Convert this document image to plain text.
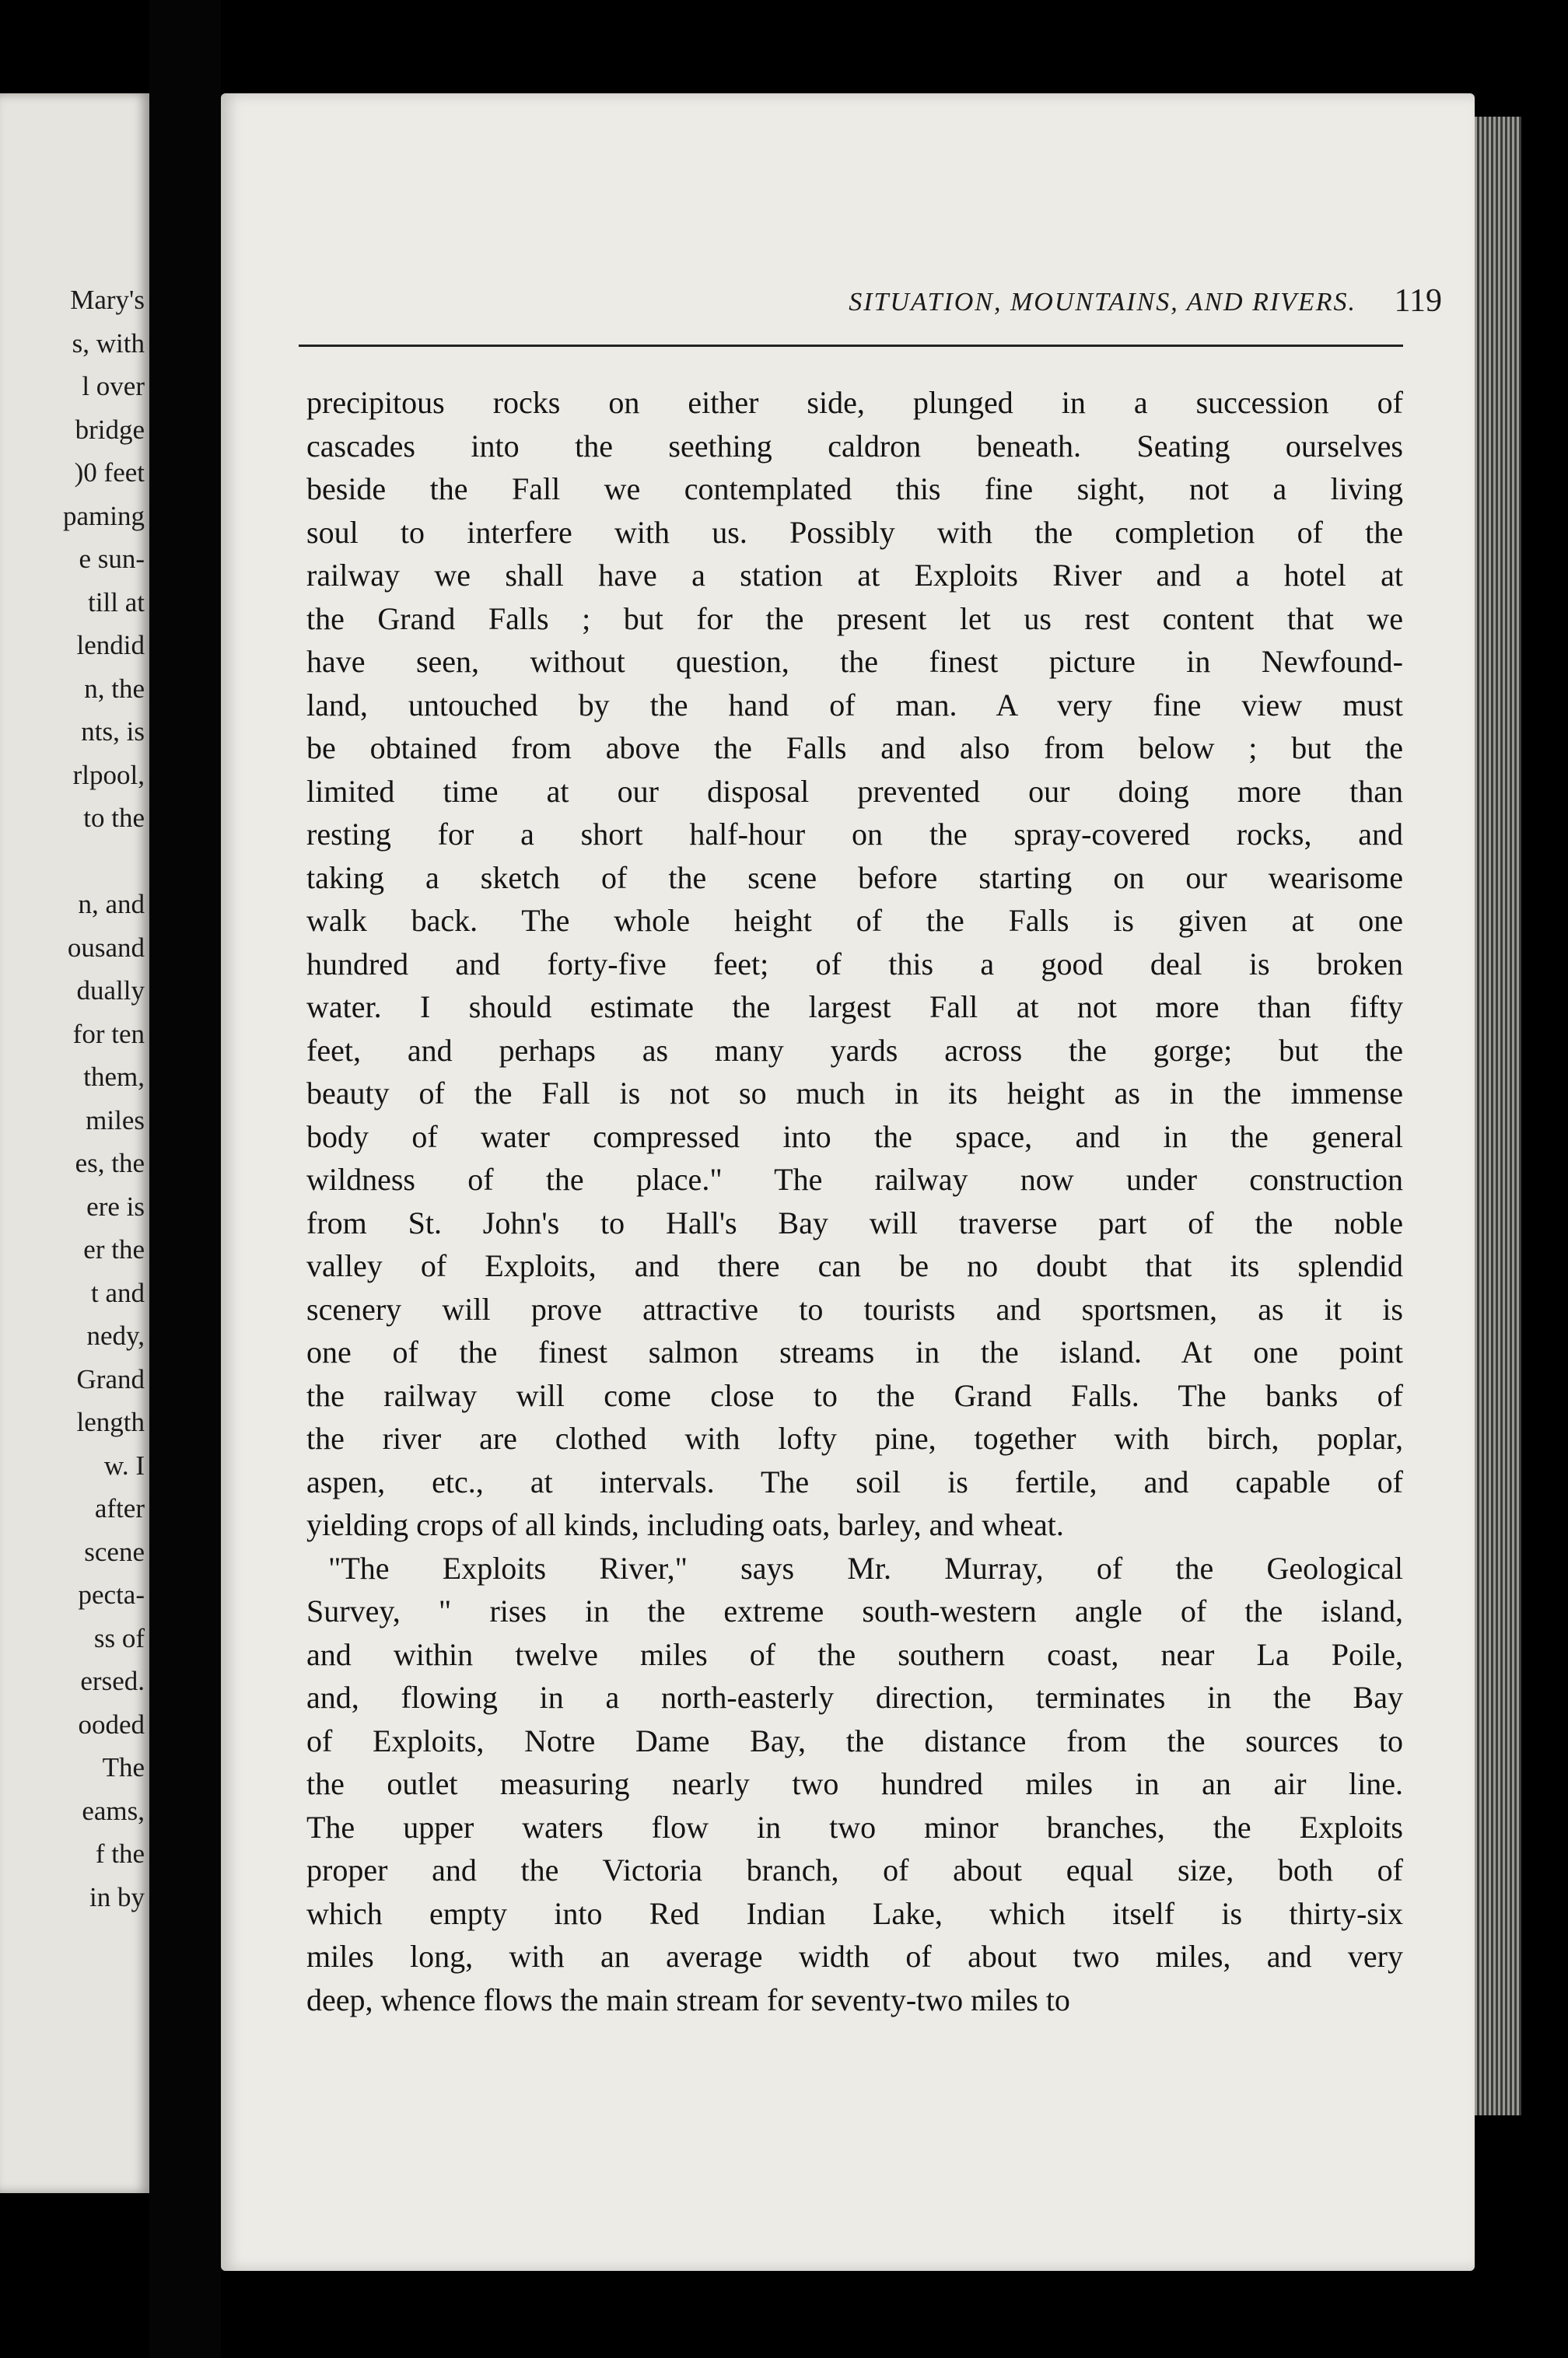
Mary's
s, with
l over
bridge
)0 feet
paming
e sun-
till at
lendid
n, the
nts, is
rlpool,
to the
n, and
ousand
dually
for ten
them,
miles
es, the
ere is
er the
t and
nedy,
Grand
length
w. I
after
scene
pecta-
ss of
ersed.
ooded
The
eams,
f the
in by
SITUATION, MOUNTAINS, AND RIVERS.	119
precipitous rocks on either side, plunged in a succession of
cascades into the seething caldron beneath. Seating ourselves
beside the Fall we contemplated this fine sight, not a living
soul to interfere with us. Possibly with the completion of the
railway we shall have a station at Exploits River and a hotel at
the Grand Falls ; but for the present let us rest content that we
have seen, without question, the finest picture in Newfound-
land, untouched by the hand of man. A very fine view must
be obtained from above the Falls and also from below ; but the
limited time at our disposal prevented our doing more than
resting for a short half-hour on the spray-covered rocks, and
taking a sketch of the scene before starting on our wearisome
walk back. The whole height of the Falls is given at one
hundred and forty-five feet; of this a good deal is broken
water. I should estimate the largest Fall at not more than fifty
feet, and perhaps as many yards across the gorge; but the
beauty of the Fall is not so much in its height as in the immense
body of water compressed into the space, and in the general
wildness of the place." The railway now under construction
from St. John's to Hall's Bay will traverse part of the noble
valley of Exploits, and there can be no doubt that its splendid
scenery will prove attractive to tourists and sportsmen, as it is
one of the finest salmon streams in the island. At one point
the railway will come close to the Grand Falls. The banks of
the river are clothed with lofty pine, together with birch, poplar,
aspen, etc., at intervals. The soil is fertile, and capable of
yielding crops of all kinds, including oats, barley, and wheat.
"The Exploits River," says Mr. Murray, of the Geological
Survey, " rises in the extreme south-western angle of the island,
and within twelve miles of the southern coast, near La Poile,
and, flowing in a north-easterly direction, terminates in the Bay
of Exploits, Notre Dame Bay, the distance from the sources to
the outlet measuring nearly two hundred miles in an air line.
The upper waters flow in two minor branches, the Exploits
proper and the Victoria branch, of about equal size, both of
which empty into Red Indian Lake, which itself is thirty-six
miles long, with an average width of about two miles, and very
deep, whence flows the main stream for seventy-two miles to
